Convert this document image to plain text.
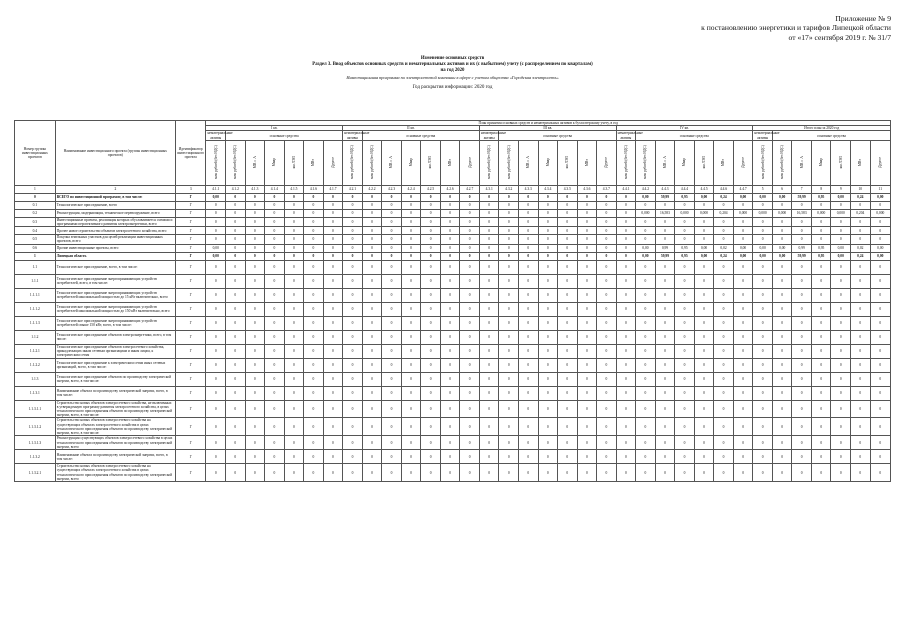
Приложение № 9
к постановлению энергетики и тарифов Липецкой области
от «17» сентября 2019 г. № 31/7
Изменение основных средств
Раздел 3. Ввод объектов основных средств и нематериальных активов и их (с выбытием) учету (с распределением по кварталам)
на год 2020
Инвестиционная программа по электросетевой компании в сфере с учетом общества «Городская электросеть»
Год раскрытия информации: 2020 год
Номер группы инвестиционных проектов	Наименование инвестиционного проекта (группы инвестиционных проектов)	Идентификатор инвестиционного проекта	План принятия основных средств и нематериальных активов к бухгалтерскому учету, в год																																		
			I кв.							II кв.							III кв.							IV кв.							Итого план за 2020 год						
			нематериальные активы	основные средства						нематериальные активы	основные средства						нематериальные активы	основные средства						нематериальные активы	основные средства						нематериальные активы	основные средства					
			млн рублей (без НДС)	млн рублей (без НДС)	МВ×А	Мвар	км ЛЭП	МВт	Другое	млн рублей (без НДС)	млн рублей (без НДС)	МВ×А	Мвар	км ЛЭП	МВт	Другое	млн рублей (без НДС)	млн рублей (без НДС)	МВ×А	Мвар	км ЛЭП	МВт	Другое	млн рублей (без НДС)	млн рублей (без НДС)	МВ×А	Мвар	км ЛЭП	МВт	Другое	млн рублей (без НДС)	млн рублей (без НДС)	МВ×А	Мвар	км ЛЭП	МВт	Другое
1	2	3	4.1.1	4.1.2	4.1.3	4.1.4	4.1.5	4.1.6	4.1.7	4.2.1	4.2.2	4.2.3	4.2.4	4.2.5	4.2.6	4.2.7	4.3.1	4.3.2	4.3.3	4.3.4	4.3.5	4.3.6	4.3.7	4.4.1	4.4.2	4.4.3	4.4.4	4.4.5	4.4.6	4.4.7	5	6	7	8	9	10	11
0	ВСЕГО по инвестиционной программе, в том числе:	Г	0,00	0	0	0	0	0	0	0	0	0	0	0	0	0	0	0	0	0	0	0	0	0	0,00	59,99	0,95	0,00	0,24	0,00	0,00	0,00	59,99	0,95	0,00	0,24	0,00
0.1	Технологическое присоединение, всего	Г	0	0	0	0	0	0	0	0	0	0	0	0	0	0	0	0	0	0	0	0	0	0	0	0	0	0	0	0	0	0	0	0	0	0	0
0.2	Реконструкция, модернизация, техническое перевооружение, всего	Г	0	0	0	0	0	0	0	0	0	0	0	0	0	0	0	0	0	0	0	0	0	0	0,000	16,583	0,000	0,000	0,204	0,000	0,000	0,000	16,583	0,000	0,000	0,204	0,000
0.3	Инвестиционные проекты, реализация которых обуславливается схемами и программами перспективного развития электроэнергетики, всего	Г	0	0	0	0	0	0	0	0	0	0	0	0	0	0	0	0	0	0	0	0	0	0	0	0	0	0	0	0	0	0	0	0	0	0	0
0.4	Прочее новое строительство объектов электросетевого хозяйства, всего	Г	0	0	0	0	0	0	0	0	0	0	0	0	0	0	0	0	0	0	0	0	0	0	0	0	0	0	0	0	0	0	0	0	0	0	0
0.5	Покупка земельных участков для целей реализации инвестиционных проектов, всего	Г	0	0	0	0	0	0	0	0	0	0	0	0	0	0	0	0	0	0	0	0	0	0	0	0	0	0	0	0	0	0	0	0	0	0	0
0.6	Прочие инвестиционные проекты, всего	Г	0,00	0	0	0	0	0	0	0	0	0	0	0	0	0	0	0	0	0	0	0	0	0	0,00	0,99	0,95	0,00	0,02	0,00	0,00	0,00	0,99	0,95	0,00	0,02	0,00
1	Липецкая область	Г	0,00	0	0	0	0	0	0	0	0	0	0	0	0	0	0	0	0	0	0	0	0	0	0,00	59,99	0,95	0,00	0,24	0,00	0,00	0,00	59,99	0,95	0,00	0,24	0,00
1.1	Технологическое присоединение, всего, в том числе:	Г	0	0	0	0	0	0	0	0	0	0	0	0	0	0	0	0	0	0	0	0	0	0	0	0	0	0	0	0	0	0	0	0	0	0	0
1.1.1	Технологическое присоединение энергопринимающих устройств потребителей, всего, в том числе:	Г	0	0	0	0	0	0	0	0	0	0	0	0	0	0	0	0	0	0	0	0	0	0	0	0	0	0	0	0	0	0	0	0	0	0	0
1.1.1.1	Технологическое присоединение энергопринимающих устройств потребителей максимальной мощностью до 15 кВт включительно, всего	Г	0	0	0	0	0	0	0	0	0	0	0	0	0	0	0	0	0	0	0	0	0	0	0	0	0	0	0	0	0	0	0	0	0	0	0
1.1.1.2	Технологическое присоединение энергопринимающих устройств потребителей максимальной мощностью до 150 кВт включительно, всего	Г	0	0	0	0	0	0	0	0	0	0	0	0	0	0	0	0	0	0	0	0	0	0	0	0	0	0	0	0	0	0	0	0	0	0	0
1.1.1.3	Технологическое присоединение энергопринимающих устройств потребителей свыше 150 кВт, всего, в том числе:	Г	0	0	0	0	0	0	0	0	0	0	0	0	0	0	0	0	0	0	0	0	0	0	0	0	0	0	0	0	0	0	0	0	0	0	0
1.1.2	Технологическое присоединение объектов электроэнергетики, всего, в том числе:	Г	0	0	0	0	0	0	0	0	0	0	0	0	0	0	0	0	0	0	0	0	0	0	0	0	0	0	0	0	0	0	0	0	0	0	0
1.1.2.1	Технологическое присоединение объектов электросетевого хозяйства, принадлежащих иным сетевым организациям и иным лицам, к электрическим сетям	Г	0	0	0	0	0	0	0	0	0	0	0	0	0	0	0	0	0	0	0	0	0	0	0	0	0	0	0	0	0	0	0	0	0	0	0
1.1.2.2	Технологическое присоединение к электрическим сетям иных сетевых организаций, всего, в том числе:	Г	0	0	0	0	0	0	0	0	0	0	0	0	0	0	0	0	0	0	0	0	0	0	0	0	0	0	0	0	0	0	0	0	0	0	0
1.1.3	Технологическое присоединение объектов по производству электрической энергии, всего, в том числе:	Г	0	0	0	0	0	0	0	0	0	0	0	0	0	0	0	0	0	0	0	0	0	0	0	0	0	0	0	0	0	0	0	0	0	0	0
1.1.3.1	Наименование объекта по производству электрической энергии, всего, в том числе:	Г	0	0	0	0	0	0	0	0	0	0	0	0	0	0	0	0	0	0	0	0	0	0	0	0	0	0	0	0	0	0	0	0	0	0	0
1.1.3.1.1	Строительство новых объектов электросетевого хозяйства, не включенных в утвержденную программу развития электросетевого хозяйства, в целях технологического присоединения объектов по производству электрической энергии, всего, в том числе:	Г	0	0	0	0	0	0	0	0	0	0	0	0	0	0	0	0	0	0	0	0	0	0	0	0	0	0	0	0	0	0	0	0	0	0	0
1.1.3.1.2	Строительство новых объектов электросетевого хозяйства на существующих объектах электросетевого хозяйства в целях технологического присоединения объектов по производству электрической энергии, всего, в том числе:	Г	0	0	0	0	0	0	0	0	0	0	0	0	0	0	0	0	0	0	0	0	0	0	0	0	0	0	0	0	0	0	0	0	0	0	0
1.1.3.1.3	Реконструкция существующих объектов электросетевого хозяйства в целях технологического присоединения объектов по производству электрической энергии, всего	Г	0	0	0	0	0	0	0	0	0	0	0	0	0	0	0	0	0	0	0	0	0	0	0	0	0	0	0	0	0	0	0	0	0	0	0
1.1.3.2	Наименование объекта по производству электрической энергии, всего, в том числе:	Г	0	0	0	0	0	0	0	0	0	0	0	0	0	0	0	0	0	0	0	0	0	0	0	0	0	0	0	0	0	0	0	0	0	0	0
1.1.3.2.1	Строительство новых объектов электросетевого хозяйства на существующих объектах электросетевого хозяйства в целях технологического присоединения объектов по производству электрической энергии, всего	Г	0	0	0	0	0	0	0	0	0	0	0	0	0	0	0	0	0	0	0	0	0	0	0	0	0	0	0	0	0	0	0	0	0	0	0
